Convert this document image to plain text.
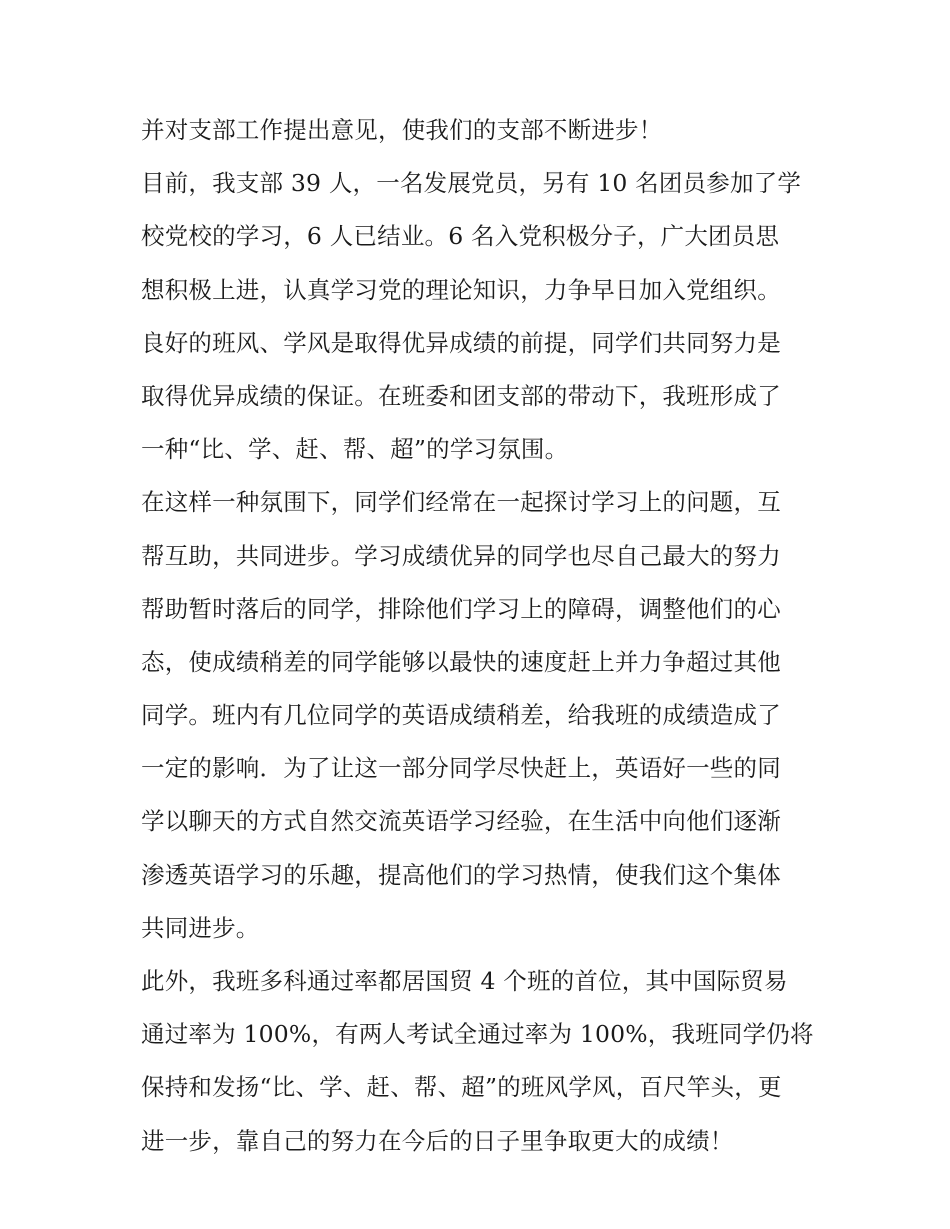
并对支部工作提出意见，使我们的支部不断进步！
目前，我支部 39 人，一名发展党员，另有 10 名团员参加了学
校党校的学习，6 人已结业。6 名入党积极分子，广大团员思
想积极上进，认真学习党的理论知识，力争早日加入党组织。
良好的班风、学风是取得优异成绩的前提，同学们共同努力是
取得优异成绩的保证。在班委和团支部的带动下，我班形成了
一种“比、学、赶、帮、超”的学习氛围。
在这样一种氛围下，同学们经常在一起探讨学习上的问题，互
帮互助，共同进步。学习成绩优异的同学也尽自己最大的努力
帮助暂时落后的同学，排除他们学习上的障碍，调整他们的心
态，使成绩稍差的同学能够以最快的速度赶上并力争超过其他
同学。班内有几位同学的英语成绩稍差，给我班的成绩造成了
一定的影响．为了让这一部分同学尽快赶上，英语好一些的同
学以聊天的方式自然交流英语学习经验，在生活中向他们逐渐
渗透英语学习的乐趣，提高他们的学习热情，使我们这个集体
共同进步。
此外，我班多科通过率都居国贸 4 个班的首位，其中国际贸易
通过率为 100%，有两人考试全通过率为 100%，我班同学仍将
保持和发扬“比、学、赶、帮、超”的班风学风，百尺竿头，更
进一步，靠自己的努力在今后的日子里争取更大的成绩！
